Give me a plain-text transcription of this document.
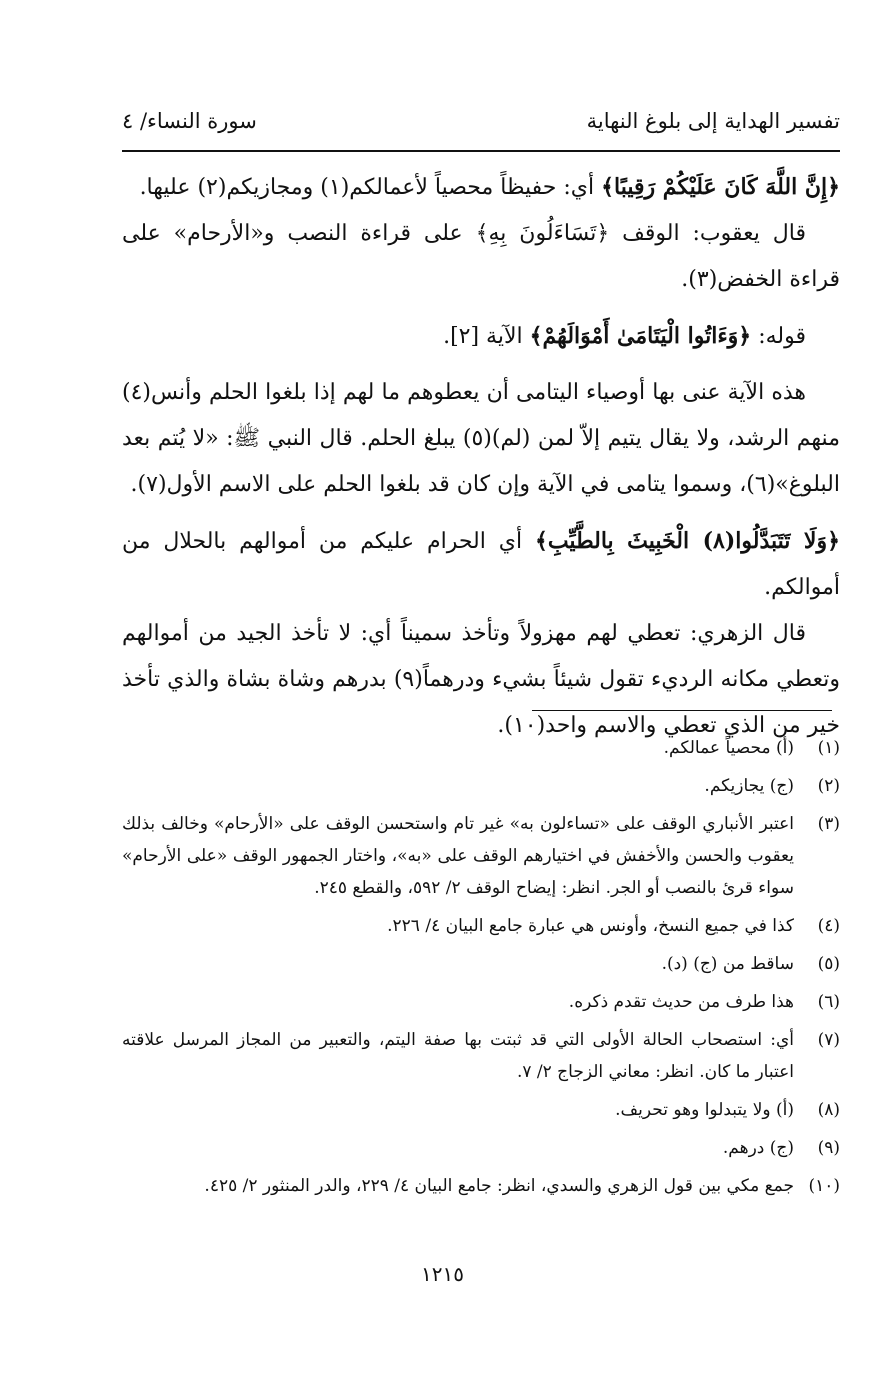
تفسير الهداية إلى بلوغ النهاية
سورة النساء/ ٤

﴿إِنَّ اللَّهَ كَانَ عَلَيْكُمْ رَقِيبًا﴾ أي: حفيظاً محصياً لأعمالكم(١) ومجازيكم(٢) عليها.

قال يعقوب: الوقف ﴿تَسَاءَلُونَ بِهِ﴾ على قراءة النصب و«الأرحام» على قراءة الخفض(٣).

قوله: ﴿وَءَاتُوا الْيَتَامَىٰ أَمْوَالَهُمْ﴾ الآية [٢].

هذه الآية عنى بها أوصياء اليتامى أن يعطوهم ما لهم إذا بلغوا الحلم وأنس(٤) منهم الرشد، ولا يقال يتيم إلاّ لمن (لم)(٥) يبلغ الحلم. قال النبي ﷺ: «لا يُتم بعد البلوغ»(٦)، وسموا يتامى في الآية وإن كان قد بلغوا الحلم على الاسم الأول(٧).

﴿وَلَا تَتَبَدَّلُوا(٨) الْخَبِيثَ بِالطَّيِّبِ﴾ أي الحرام عليكم من أموالهم بالحلال من أموالكم.

قال الزهري: تعطي لهم مهزولاً وتأخذ سميناً أي: لا تأخذ الجيد من أموالهم وتعطي مكانه الرديء تقول شيئاً بشيء ودرهماً(٩) بدرهم وشاة بشاة والذي تأخذ خير من الذي تعطي والاسم واحد(١٠).

(١)
(أ) محصياً عمالكم.
(٢)
(ج) يجازيكم.
(٣)
اعتبر الأنباري الوقف على «تساءلون به» غير تام واستحسن الوقف على «الأرحام» وخالف بذلك يعقوب والحسن والأخفش في اختيارهم الوقف على «به»، واختار الجمهور الوقف «على الأرحام» سواء قرئ بالنصب أو الجر. انظر: إيضاح الوقف ٢/ ٥٩٢، والقطع ٢٤٥.
(٤)
كذا في جميع النسخ، وأونس هي عبارة جامع البيان ٤/ ٢٢٦.
(٥)
ساقط من (ج) (د).
(٦)
هذا طرف من حديث تقدم ذكره.
(٧)
أي: استصحاب الحالة الأولى التي قد ثبتت بها صفة اليتم، والتعبير من المجاز المرسل علاقته اعتبار ما كان. انظر: معاني الزجاج ٢/ ٧.
(٨)
(أ) ولا يتبدلوا وهو تحريف.
(٩)
(ج) درهم.
(١٠)
جمع مكي بين قول الزهري والسدي، انظر: جامع البيان ٤/ ٢٢٩، والدر المنثور ٢/ ٤٢٥.
١٢١٥
